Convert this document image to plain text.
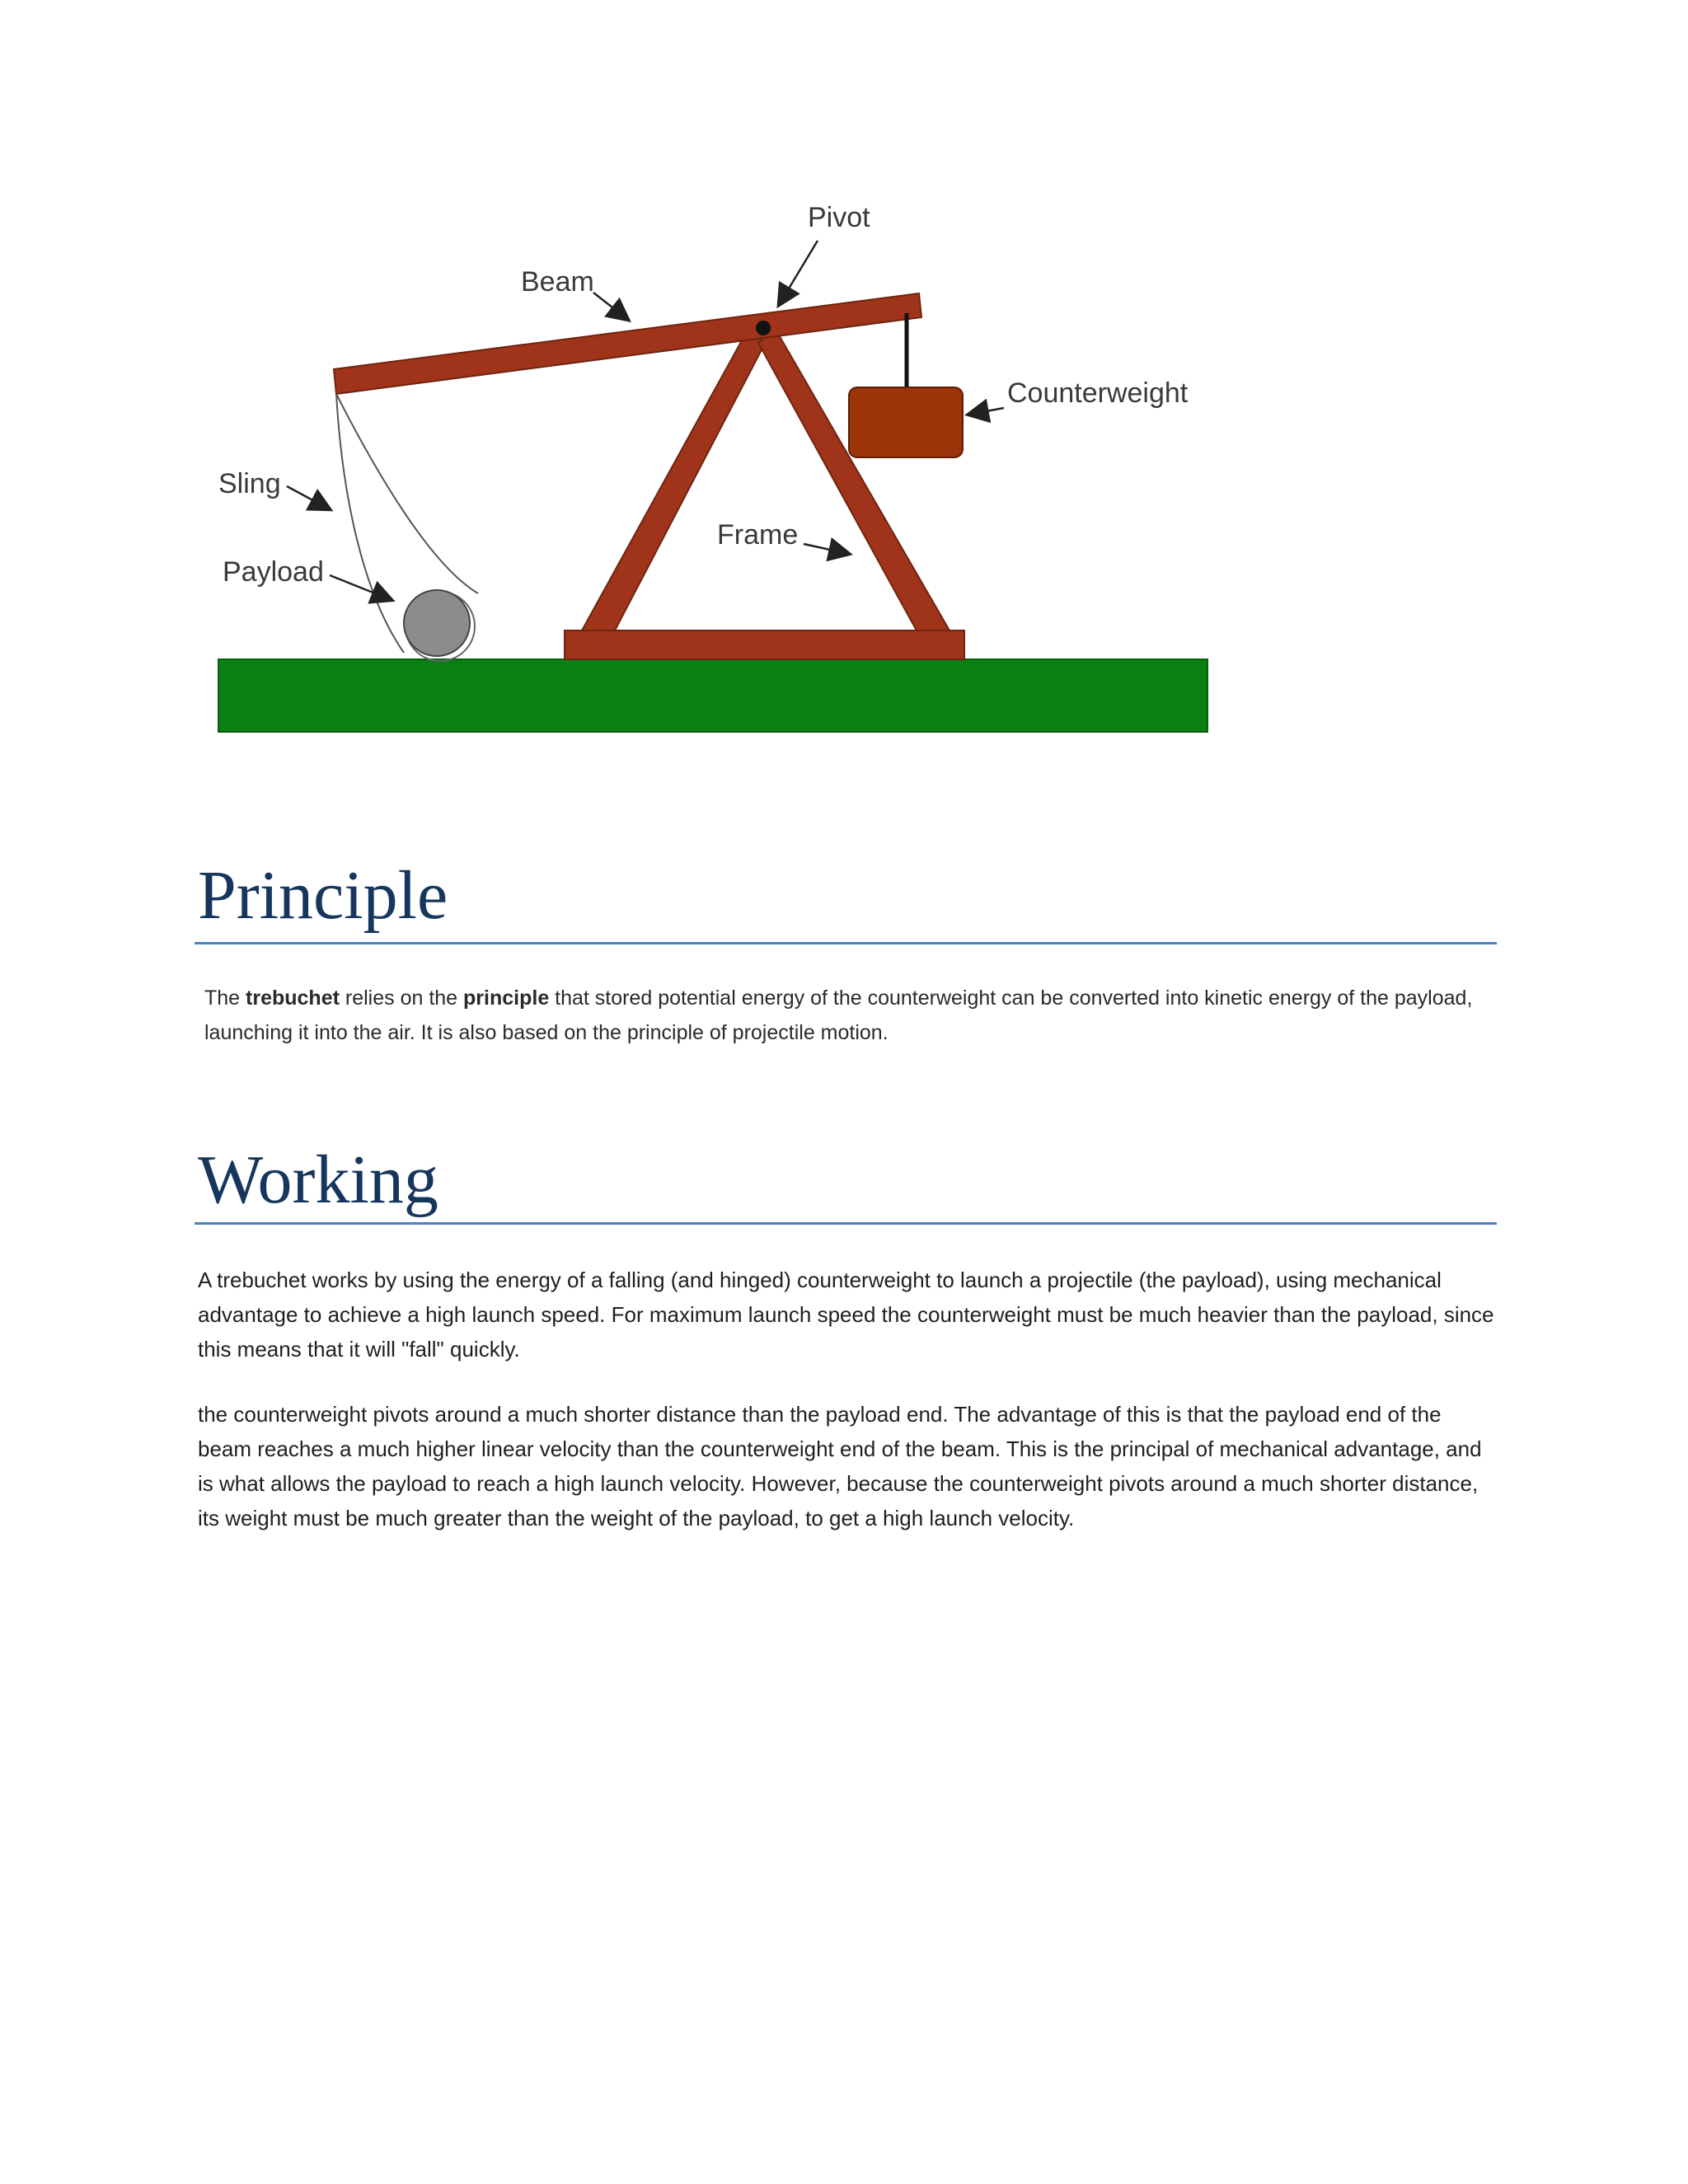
Pivot
Beam
Counterweight
Sling
Frame
Payload
Principle

The trebuchet relies on the principle that stored potential energy of the counterweight can be converted into kinetic energy of the payload, launching it into the air. It is also based on the principle of projectile motion.

Working

A trebuchet works by using the energy of a falling (and hinged) counterweight to launch a projectile (the payload), using mechanical advantage to achieve a high launch speed. For maximum launch speed the counterweight must be much heavier than the payload, since this means that it will "fall" quickly.

the counterweight pivots around a much shorter distance than the payload end. The advantage of this is that the payload end of the beam reaches a much higher linear velocity than the counterweight end of the beam. This is the principal of mechanical advantage, and is what allows the payload to reach a high launch velocity. However, because the counterweight pivots around a much shorter distance, its weight must be much greater than the weight of the payload, to get a high launch velocity.
